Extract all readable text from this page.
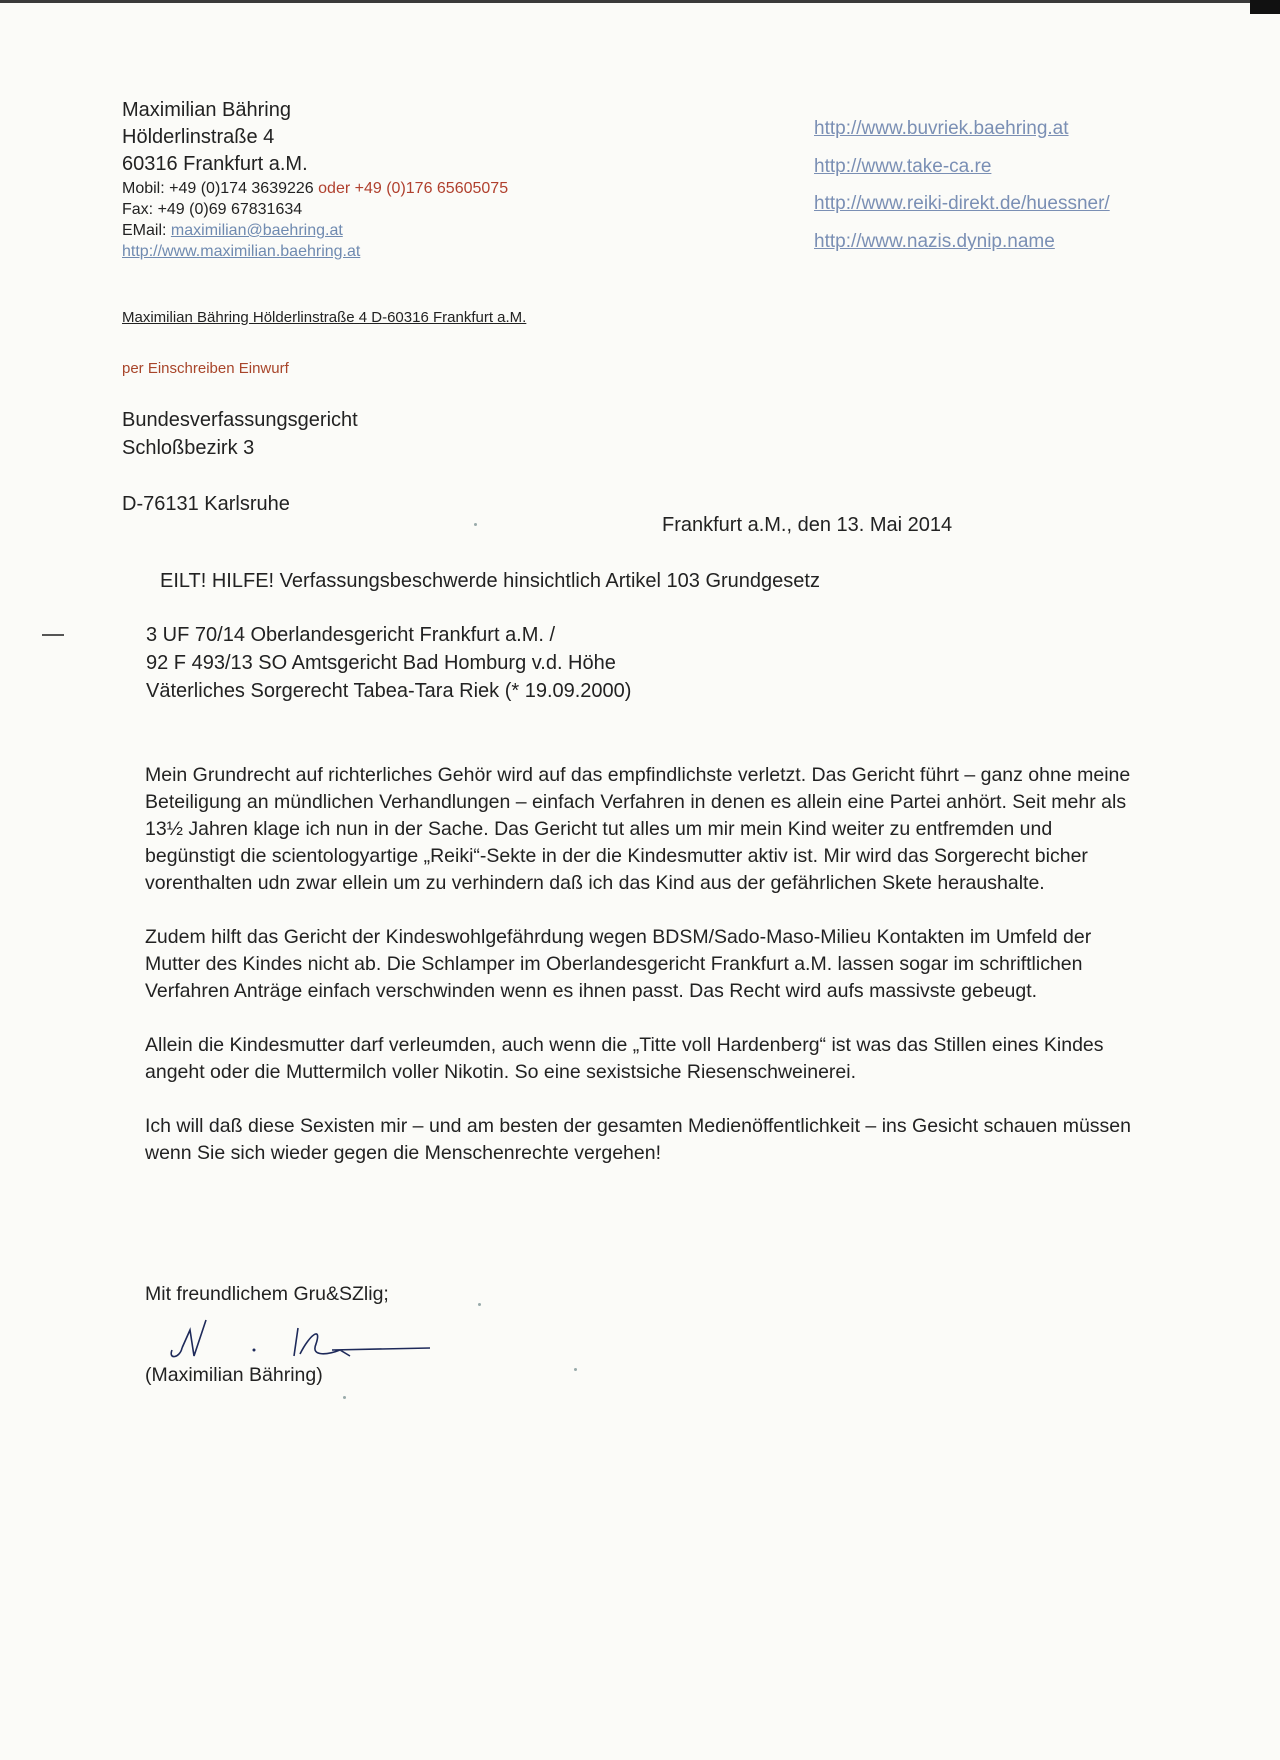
Maximilian Bähring
Hölderlinstraße 4
60316 Frankfurt a.M.
Mobil: +49 (0)174 3639226 oder +49 (0)176 65605075
Fax: +49 (0)69 67831634
EMail: maximilian@baehring.at
http://www.maximilian.baehring.at
http://www.buvriek.baehring.at
http://www.take-ca.re
http://www.reiki-direkt.de/huessner/
http://www.nazis.dynip.name
Maximilian Bähring Hölderlinstraße 4 D-60316 Frankfurt a.M.
per Einschreiben Einwurf
Bundesverfassungsgericht
Schloßbezirk 3
D-76131 Karlsruhe
Frankfurt a.M., den 13. Mai 2014
EILT! HILFE! Verfassungsbeschwerde hinsichtlich Artikel 103 Grundgesetz
3 UF 70/14 Oberlandesgericht Frankfurt a.M. /
92 F 493/13 SO Amtsgericht Bad Homburg v.d. Höhe
Väterliches Sorgerecht Tabea-Tara Riek (* 19.09.2000)

Mein Grundrecht auf richterliches Gehör wird auf das empfindlichste verletzt. Das Gericht führt – ganz ohne meine Beteiligung an mündlichen Verhandlungen – einfach Verfahren in denen es allein eine Partei anhört. Seit mehr als 13½ Jahren klage ich nun in der Sache. Das Gericht tut alles um mir mein Kind weiter zu entfremden und begünstigt die scientologyartige „Reiki“-Sekte in der die Kindesmutter aktiv ist. Mir wird das Sorgerecht bicher vorenthalten udn zwar ellein um zu verhindern daß ich das Kind aus der gefährlichen Skete heraushalte.

Zudem hilft das Gericht der Kindeswohlgefährdung wegen BDSM/Sado-Maso-Milieu Kontakten im Umfeld der Mutter des Kindes nicht ab. Die Schlamper im Oberlandesgericht Frankfurt a.M. lassen sogar im schriftlichen Verfahren Anträge einfach verschwinden wenn es ihnen passt. Das Recht wird aufs massivste gebeugt.

Allein die Kindesmutter darf verleumden, auch wenn die „Titte voll Hardenberg“ ist was das Stillen eines Kindes angeht oder die Muttermilch voller Nikotin. So eine sexistsiche Riesenschweinerei.

Ich will daß diese Sexisten mir – und am besten der gesamten Medienöffentlichkeit – ins Gesicht schauen müssen wenn Sie sich wieder gegen die Menschenrechte vergehen!

Mit freundlichem Gru&SZlig;
(Maximilian Bähring)
